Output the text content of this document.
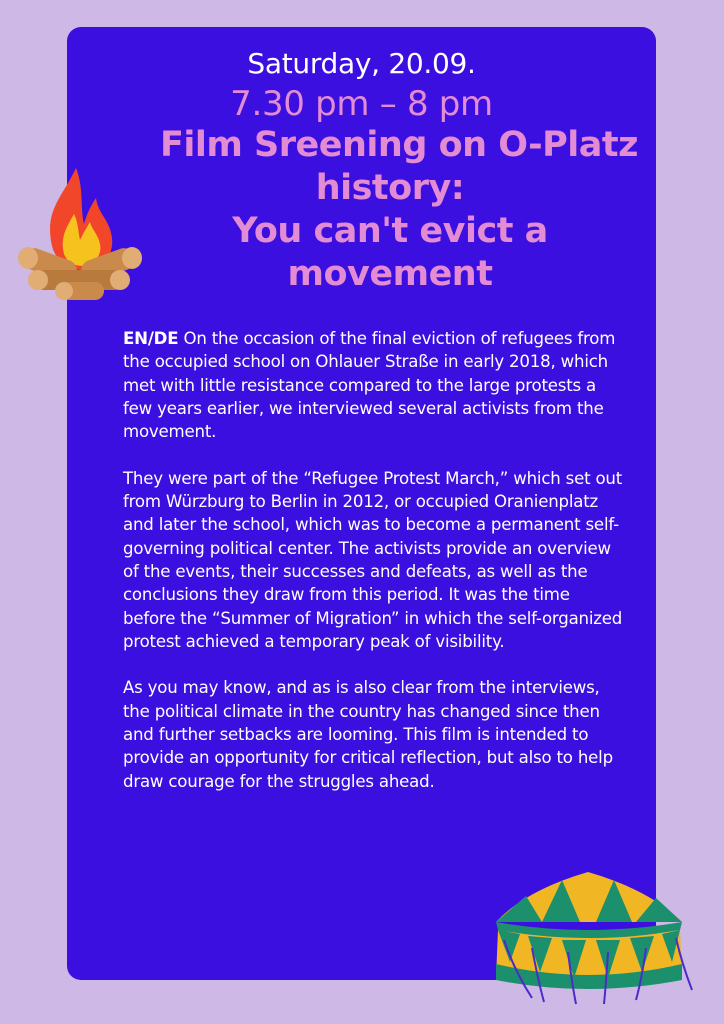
Saturday, 20.09.
7.30 pm – 8 pm
Film Sreening on O-Platz
history:
You can't evict a
movement

EN/DE On the occasion of the final eviction of refugees from the occupied school on Ohlauer Straße in early 2018, which met with little resistance compared to the large protests a few years earlier, we interviewed several activists from the movement.

They were part of the “Refugee Protest March,” which set out from Würzburg to Berlin in 2012, or occupied Oranienplatz and later the school, which was to become a permanent self-governing political center. The activists provide an overview of the events, their successes and defeats, as well as the conclusions they draw from this period. It was the time before the “Summer of Migration” in which the self-organized protest achieved a temporary peak of visibility.

As you may know, and as is also clear from the interviews, the political climate in the country has changed since then and further setbacks are looming. This film is intended to provide an opportunity for critical reflection, but also to help draw courage for the struggles ahead.
